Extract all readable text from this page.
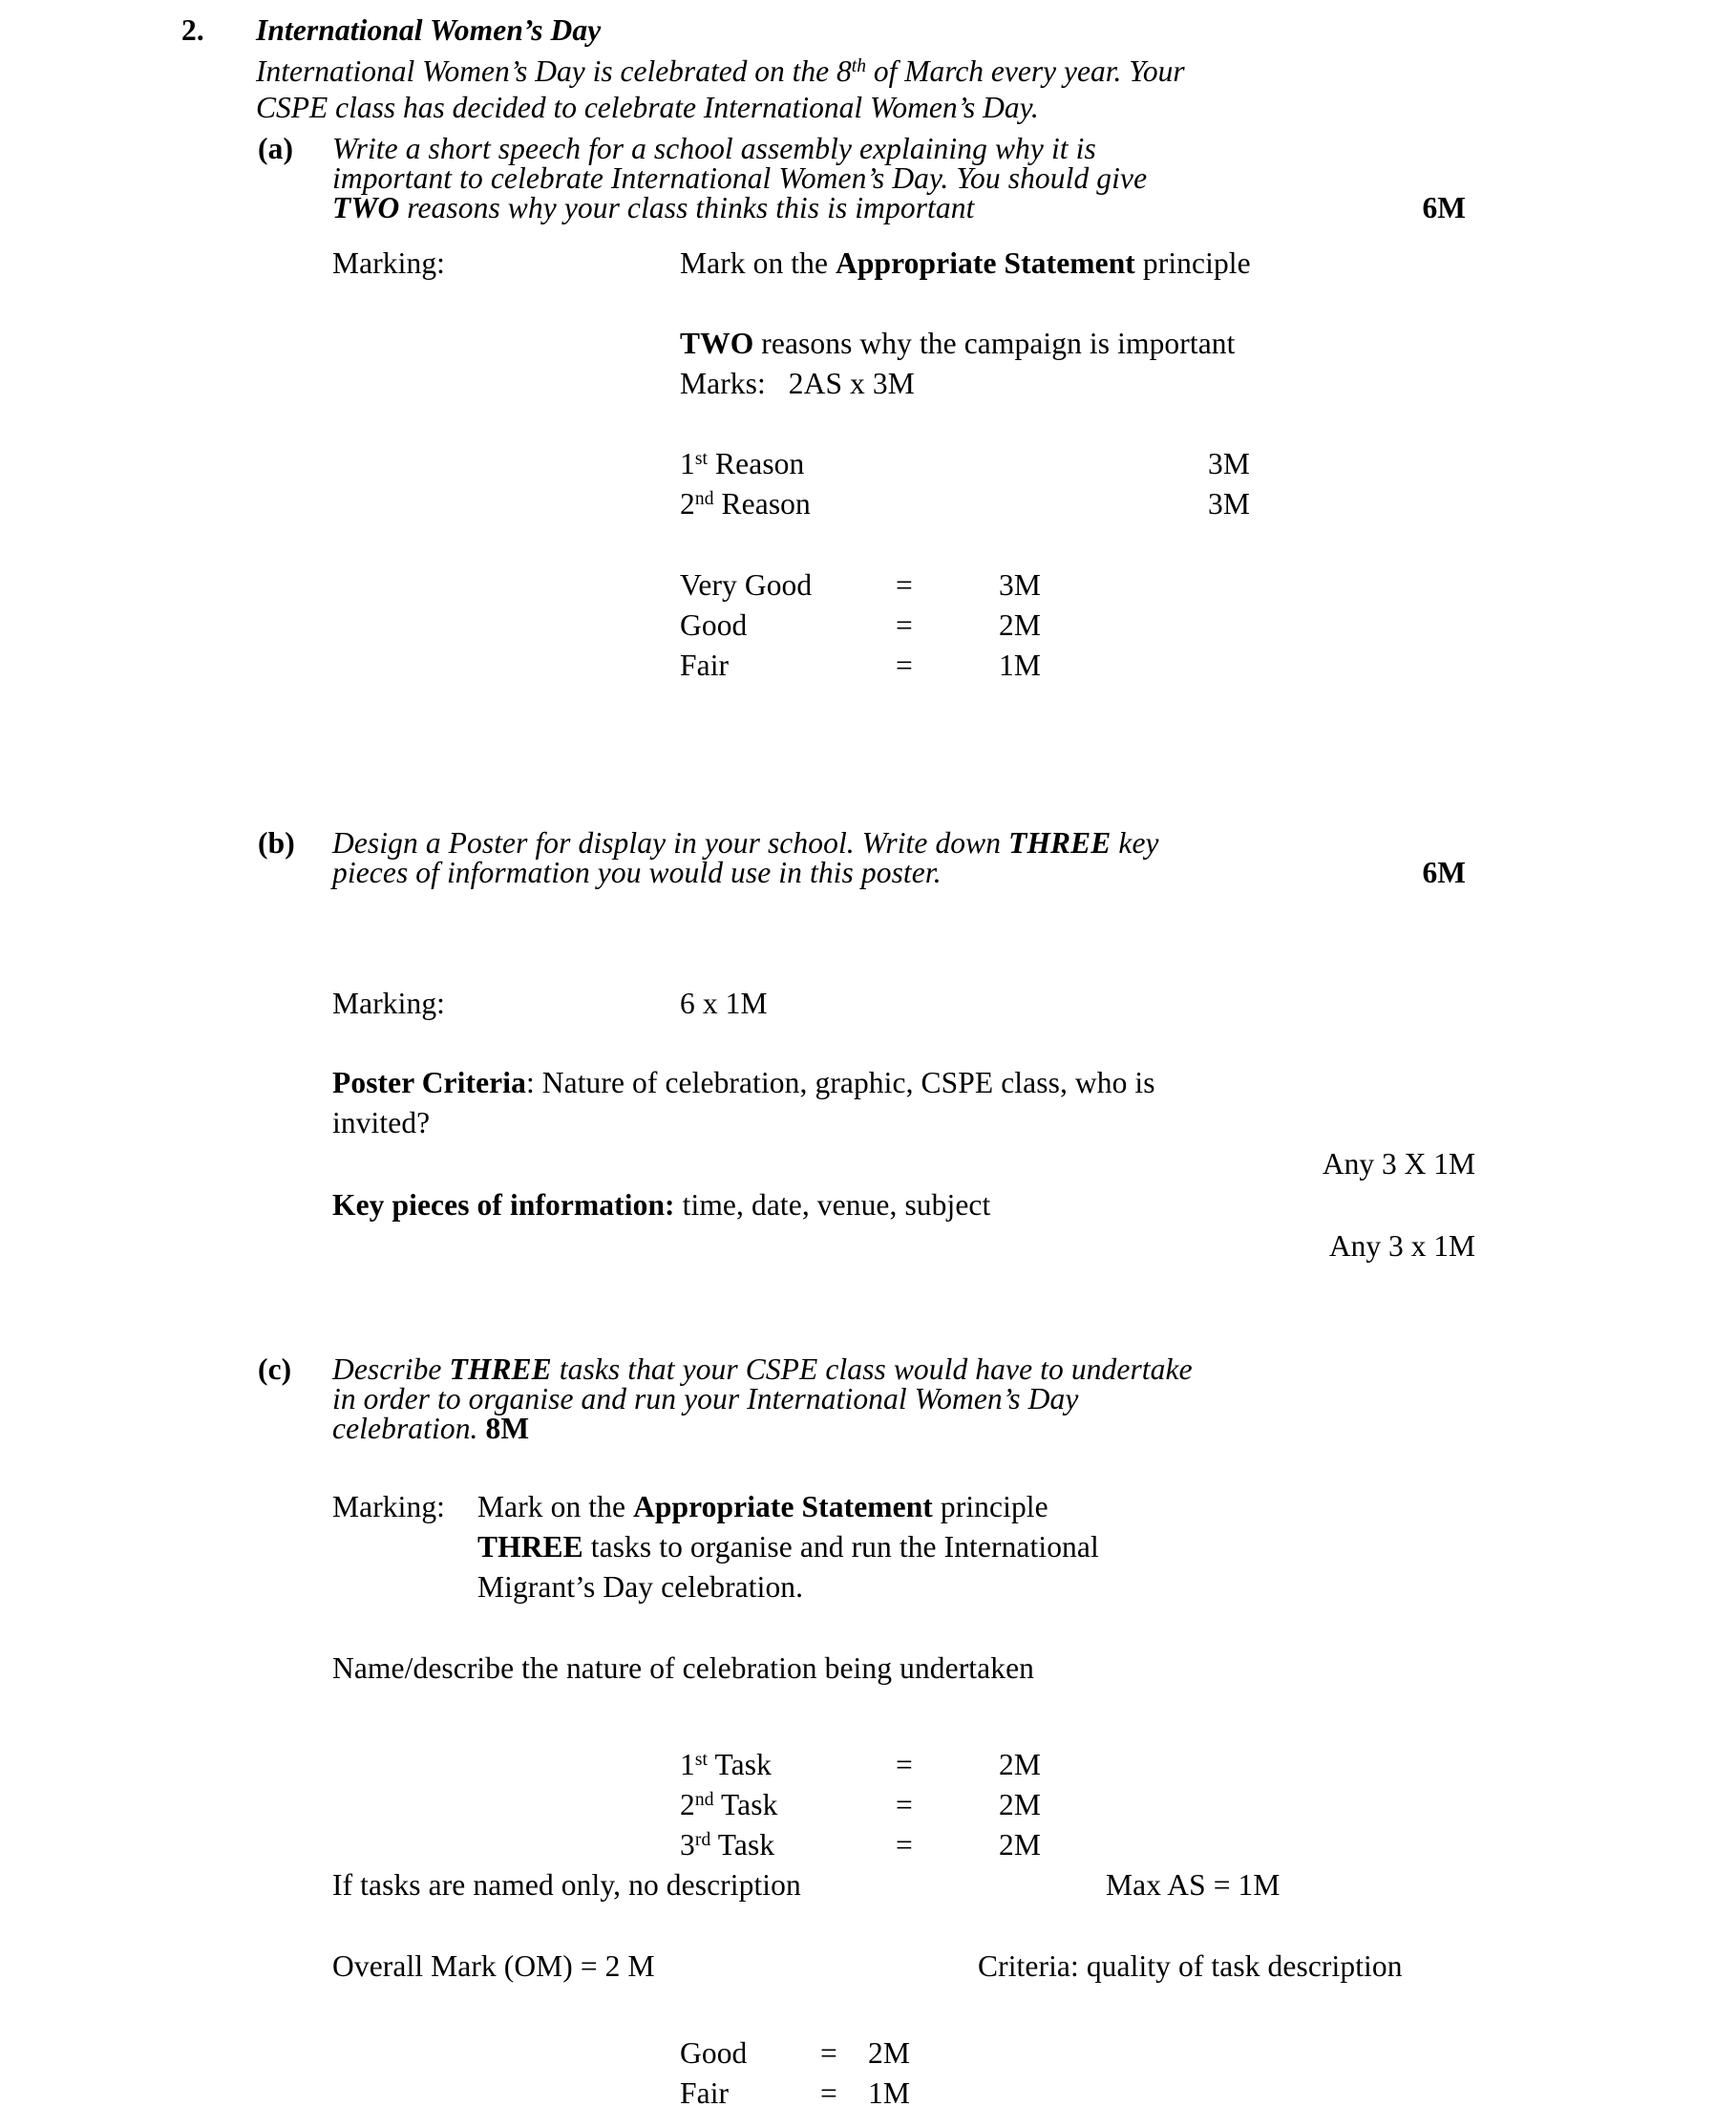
2. International Women’s Day
International Women’s Day is celebrated on the 8th of March every year. Your
CSPE class has decided to celebrate International Women’s Day.
(a) Write a short speech for a school assembly explaining why it is
important to celebrate International Women’s Day. You should give
TWO reasons why your class thinks this is important	6M
Marking:	Mark on the Appropriate Statement principle
TWO reasons why the campaign is important
Marks:   2AS x 3M
1st Reason	3M
2nd Reason	3M
Very Good	=	3M
Good	=	2M
Fair	=	1M
(b) Design a Poster for display in your school. Write down THREE key
pieces of information you would use in this poster.	6M
Marking:	6 x 1M
Poster Criteria: Nature of celebration, graphic, CSPE class, who is
invited?
Any 3 X 1M
Key pieces of information: time, date, venue, subject
Any 3 x 1M
(c) Describe THREE tasks that your CSPE class would have to undertake
in order to organise and run your International Women’s Day
celebration. 8M
Marking: Mark on the Appropriate Statement principle
THREE tasks to organise and run the International
Migrant’s Day celebration.
Name/describe the nature of celebration being undertaken
1st Task	=	2M
2nd Task	=	2M
3rd Task	=	2M
If tasks are named only, no description	Max AS = 1M
Overall Mark (OM) = 2 M	Criteria: quality of task description
Good = 2M
Fair	= 1M
